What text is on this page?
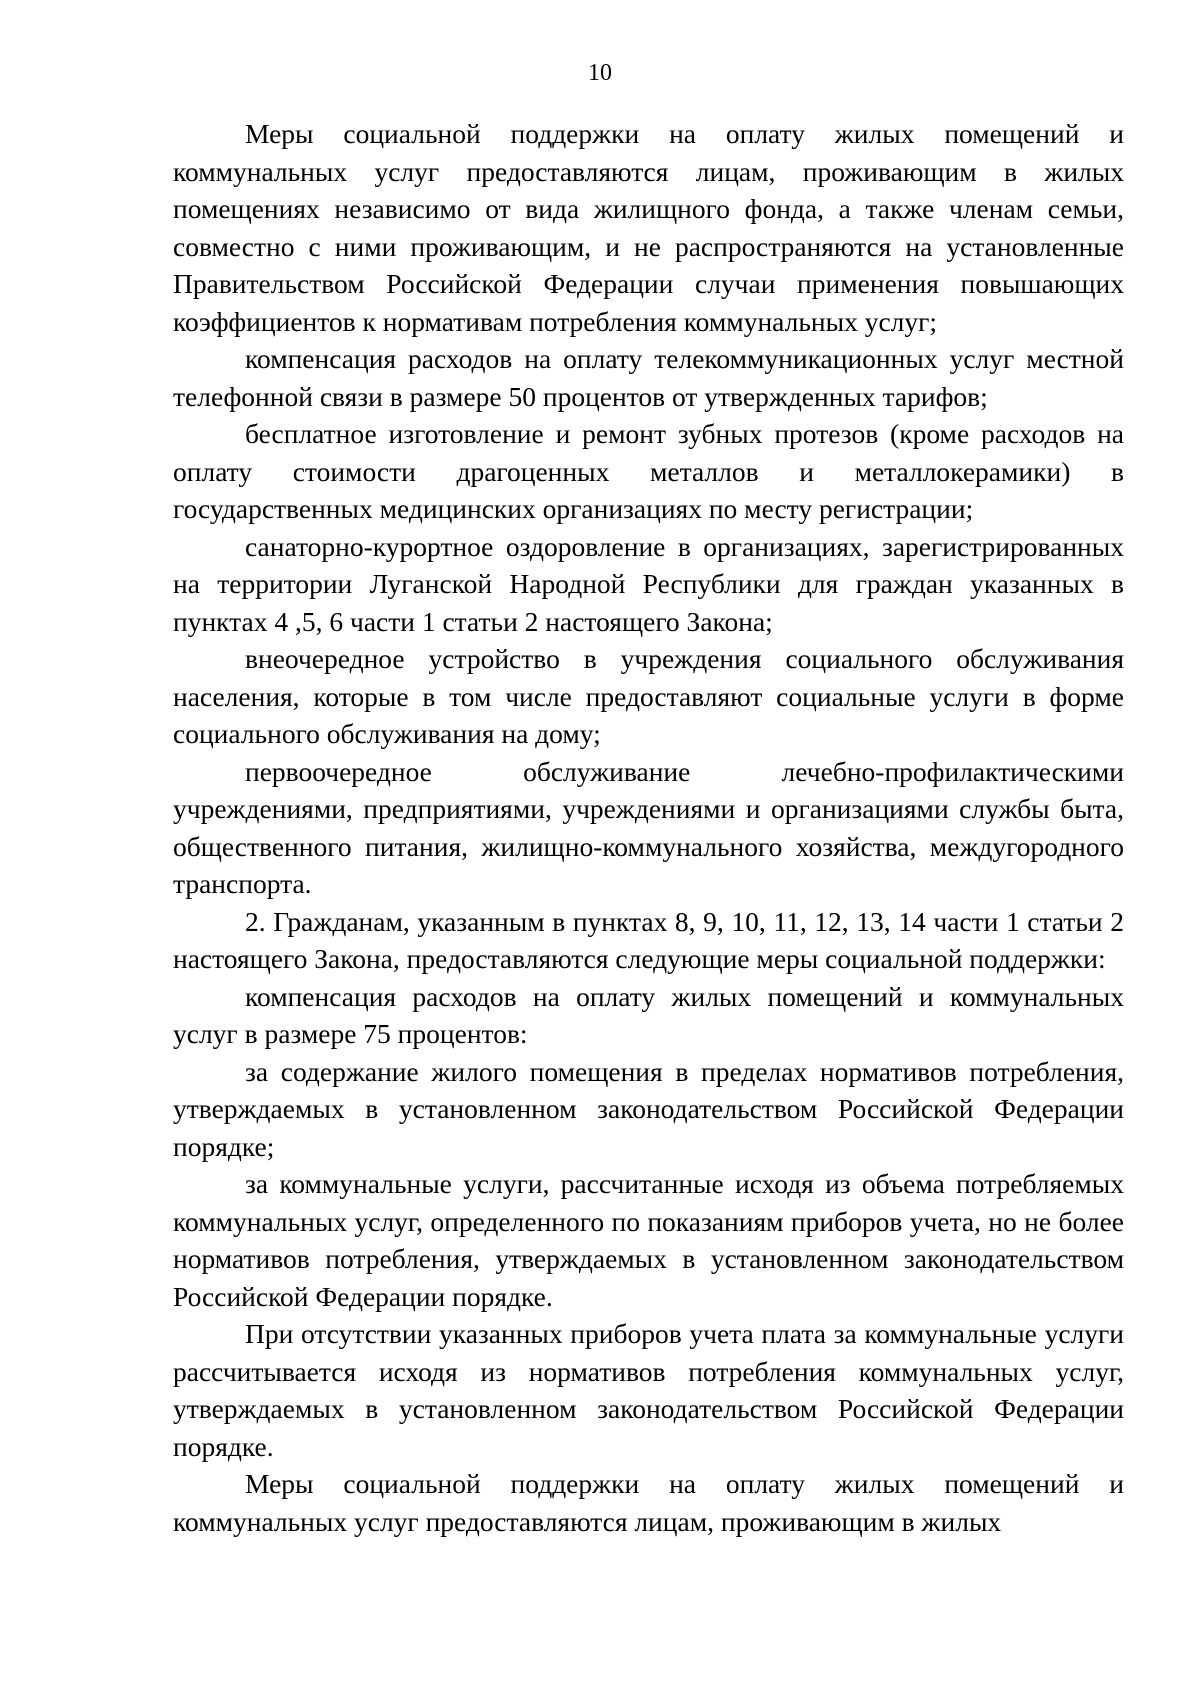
10

Меры социальной поддержки на оплату жилых помещений и коммунальных услуг предоставляются лицам, проживающим в жилых помещениях независимо от вида жилищного фонда, а также членам семьи, совместно с ними проживающим, и не распространяются на установленные Правительством Российской Федерации случаи применения повышающих коэффициентов к нормативам потребления коммунальных услуг;

компенсация расходов на оплату телекоммуникационных услуг местной телефонной связи в размере 50 процентов от утвержденных тарифов;

бесплатное изготовление и ремонт зубных протезов (кроме расходов на оплату стоимости драгоценных металлов и металлокерамики) в государственных медицинских организациях по месту регистрации;

санаторно-курортное оздоровление в организациях, зарегистрированных на территории Луганской Народной Республики для граждан указанных в пунктах 4 ,5, 6 части 1 статьи 2 настоящего Закона;

внеочередное устройство в учреждения социального обслуживания населения, которые в том числе предоставляют социальные услуги в форме социального обслуживания на дому;

первоочередное обслуживание лечебно-профилактическими учреждениями, предприятиями, учреждениями и организациями службы быта, общественного питания, жилищно-коммунального хозяйства, междугородного транспорта.

2. Гражданам, указанным в пунктах 8, 9, 10, 11, 12, 13, 14 части 1 статьи 2 настоящего Закона, предоставляются следующие меры социальной поддержки:

компенсация расходов на оплату жилых помещений и коммунальных услуг в размере 75 процентов:

за содержание жилого помещения в пределах нормативов потребления, утверждаемых в установленном законодательством Российской Федерации порядке;

за коммунальные услуги, рассчитанные исходя из объема потребляемых коммунальных услуг, определенного по показаниям приборов учета, но не более нормативов потребления, утверждаемых в установленном законодательством Российской Федерации порядке.

При отсутствии указанных приборов учета плата за коммунальные услуги рассчитывается исходя из нормативов потребления коммунальных услуг, утверждаемых в установленном законодательством Российской Федерации порядке.

Меры социальной поддержки на оплату жилых помещений и коммунальных услуг предоставляются лицам, проживающим в жилых
